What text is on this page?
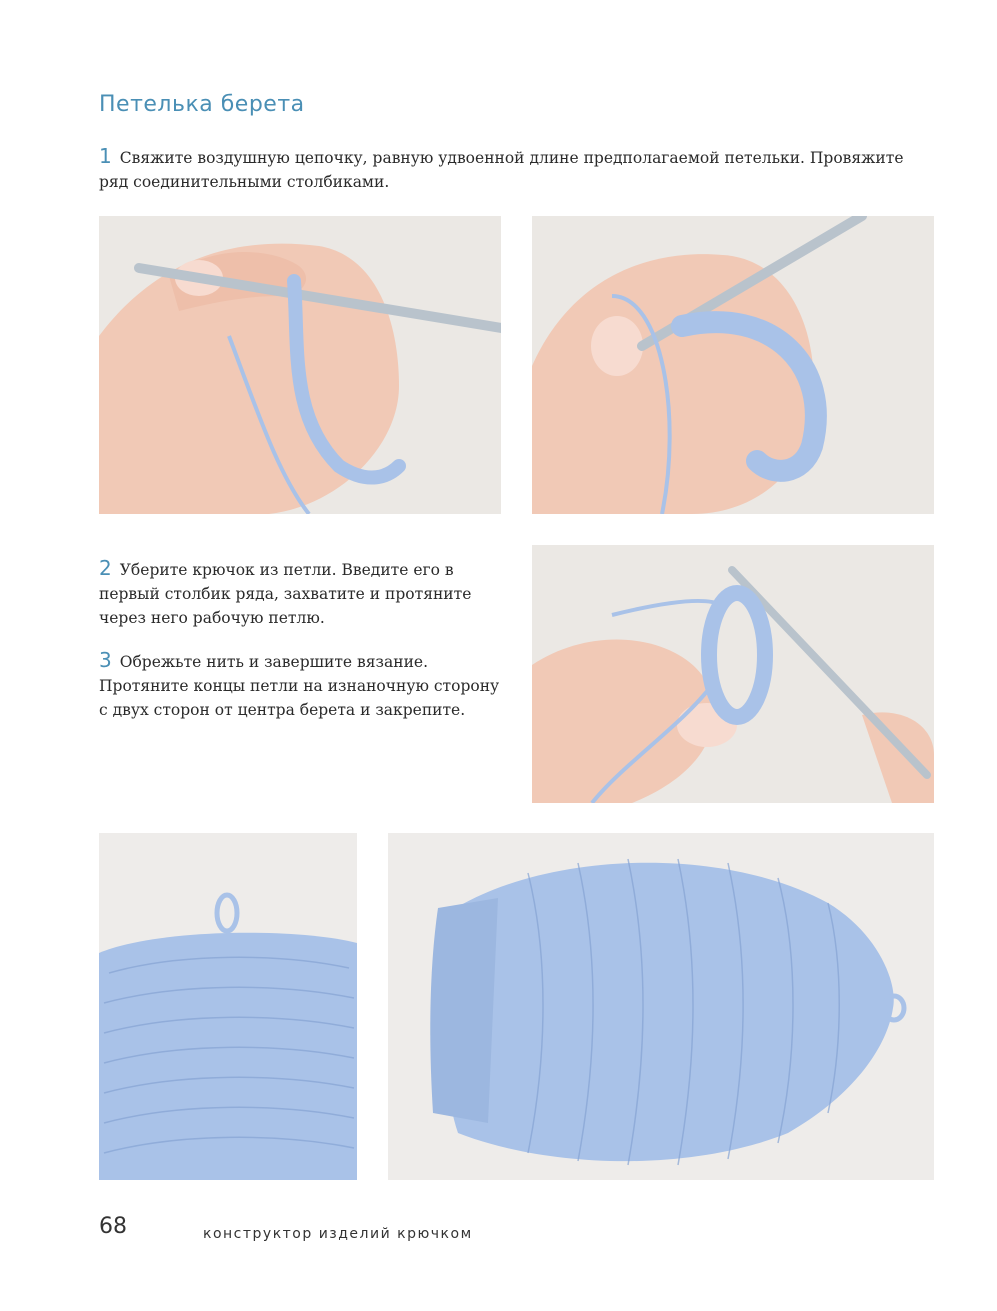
Петелька берета

1 Свяжите воздушную цепочку, равную удвоенной длине предполагаемой петельки. Провяжите ряд соединительными столбиками.

2 Уберите крючок из петли. Введите его в первый столбик ряда, захватите и протяните через него рабочую петлю.

3 Обрежьте нить и завершите вязание. Протяните концы петли на изнаночную сторону с двух сторон от центра берета и закрепите.

68	конструктор изделий крючком
